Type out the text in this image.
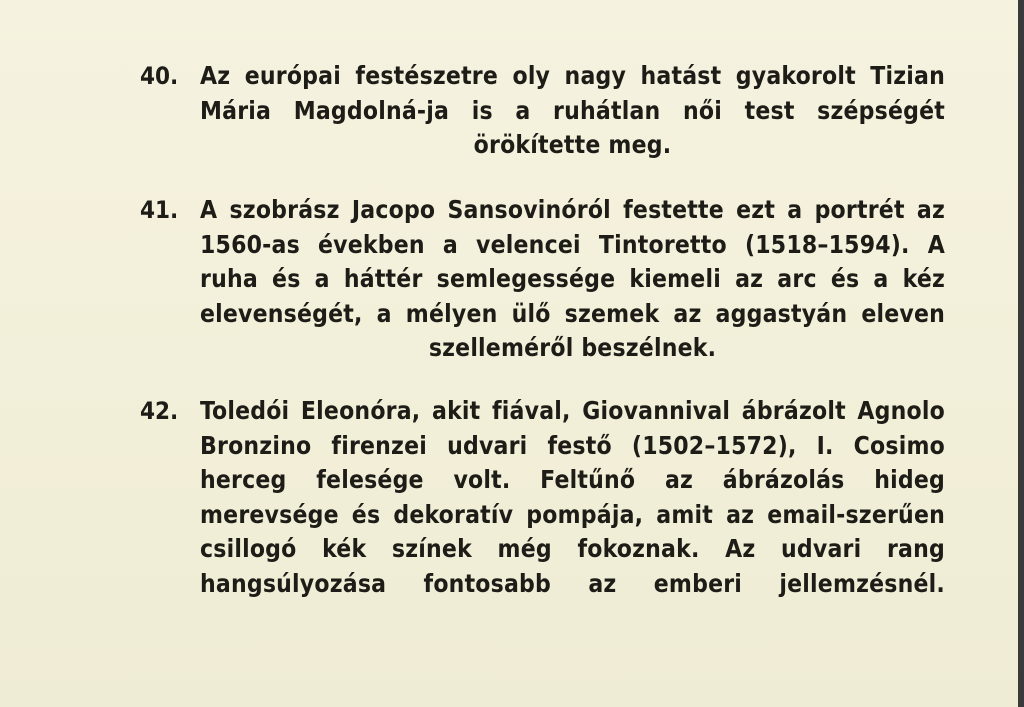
40. Az európai festészetre oly nagy hatást gyakorolt Tizian Mária Magdolná-ja is a ruhátlan női test szépségét örökítette meg.
41. A szobrász Jacopo Sansovinóról festette ezt a portrét az 1560-as években a velencei Tintoretto (1518–1594). A ruha és a háttér semlegessége kiemeli az arc és a kéz elevenségét, a mélyen ülő szemek az aggastyán eleven szelleméről beszélnek.
42. Toledói Eleonóra, akit fiával, Giovannival ábrázolt Agnolo Bronzino firenzei udvari festő (1502–1572), I. Cosimo herceg felesége volt. Feltűnő az ábrázolás hideg merevsége és dekoratív pompája, amit az email-szerűen csillogó kék színek még fokoznak. Az udvari rang hangsúlyozása fontosabb az emberi jellemzésnél.
